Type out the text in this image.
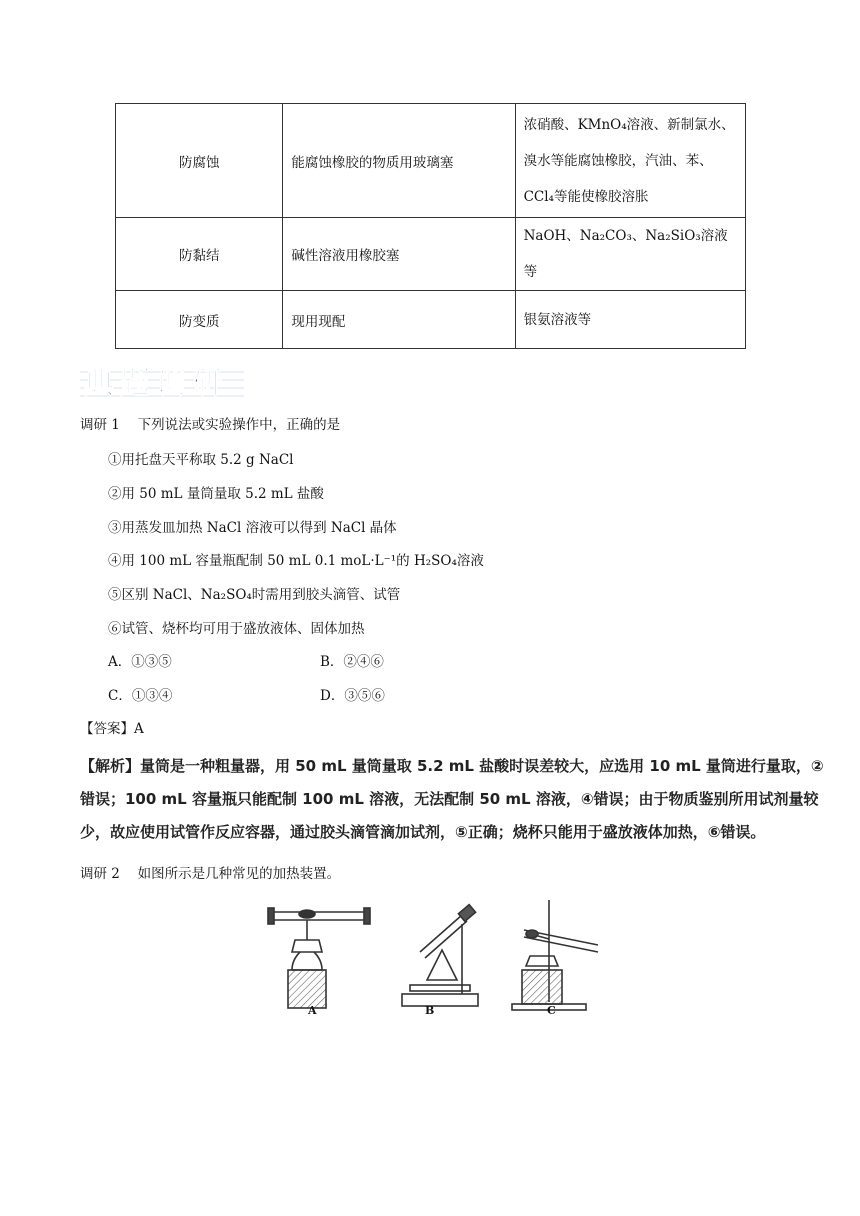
防腐蚀	能腐蚀橡胶的物质用玻璃塞	浓硝酸、KMnO₄溶液、新制氯水、
溴水等能腐蚀橡胶，汽油、苯、
CCl₄等能使橡胶溶胀

防黏结	碱性溶液用橡胶塞	NaOH、Na₂CO₃、Na₂SiO₃溶液等

防变质	现用现配	银氨溶液等
典题调研
调研 1　 下列说法或实验操作中，正确的是
①用托盘天平称取 5.2 g NaCl
②用 50 mL 量筒量取 5.2 mL 盐酸
③用蒸发皿加热 NaCl 溶液可以得到 NaCl 晶体
④用 100 mL 容量瓶配制 50 mL 0.1 moL·L⁻¹的 H₂SO₄溶液
⑤区别 NaCl、Na₂SO₄时需用到胶头滴管、试管
⑥试管、烧杯均可用于盛放液体、固体加热
A．①③⑤	B．②④⑥
C．①③④	D．③⑤⑥
【答案】A

【解析】量筒是一种粗量器，用 50 mL 量筒量取 5.2 mL 盐酸时误差较大，应选用 10 mL 量筒进行量取，②

错误；100 mL 容量瓶只能配制 100 mL 溶液，无法配制 50 mL 溶液，④错误；由于物质鉴别所用试剂量较

少，故应使用试管作反应容器，通过胶头滴管滴加试剂，⑤正确；烧杯只能用于盛放液体加热，⑥错误。

调研 2　 如图所示是几种常见的加热装置。
A	B	C
